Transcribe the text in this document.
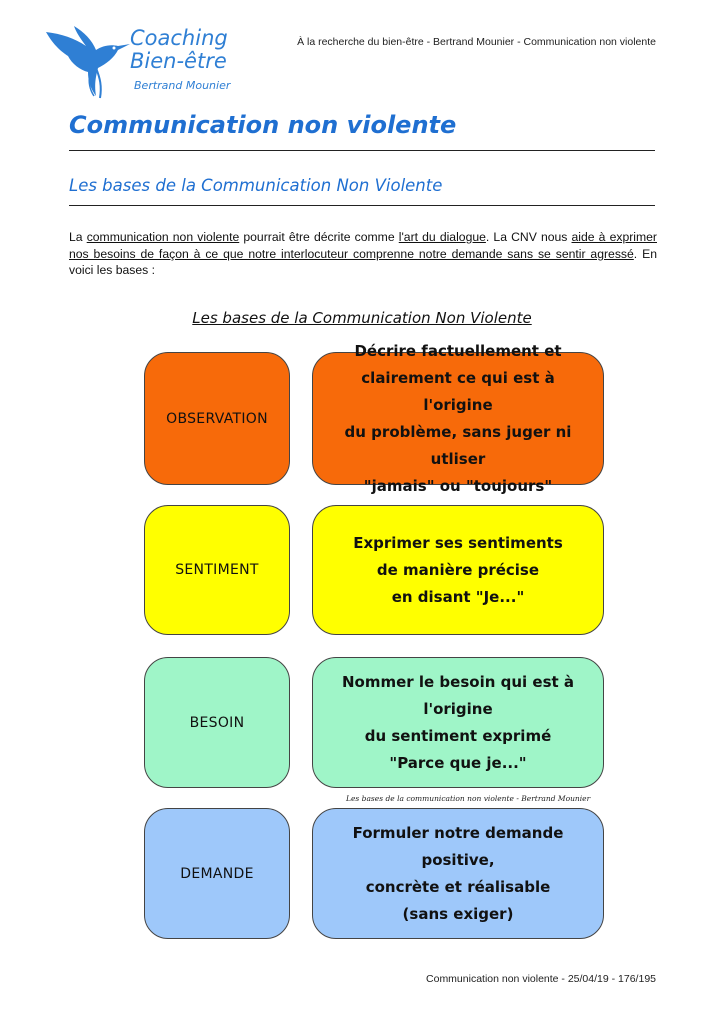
Coaching
Bien-être
Bertrand Mounier
À la recherche du bien-être - Bertrand Mounier - Communication non violente
Communication non violente
Les bases de la Communication Non Violente

La communication non violente pourrait être décrite comme l'art du dialogue. La CNV nous aide à exprimer nos besoins de façon à ce que notre interlocuteur comprenne notre demande sans se sentir agressé. En voici les bases :

Les bases de la Communication Non Violente
OBSERVATION
Décrire factuellement et
clairement ce qui est à l'origine
du problème, sans juger ni utliser
"jamais" ou "toujours"
SENTIMENT
Exprimer ses sentiments
de manière précise
en disant "Je..."
BESOIN
Nommer le besoin qui est à
l'origine
du sentiment exprimé
"Parce que je..."
Les bases de la communication non violente - Bertrand Mounier
DEMANDE
Formuler notre demande positive,
concrète et réalisable
(sans exiger)
Communication non violente - 25/04/19 - 176/195
